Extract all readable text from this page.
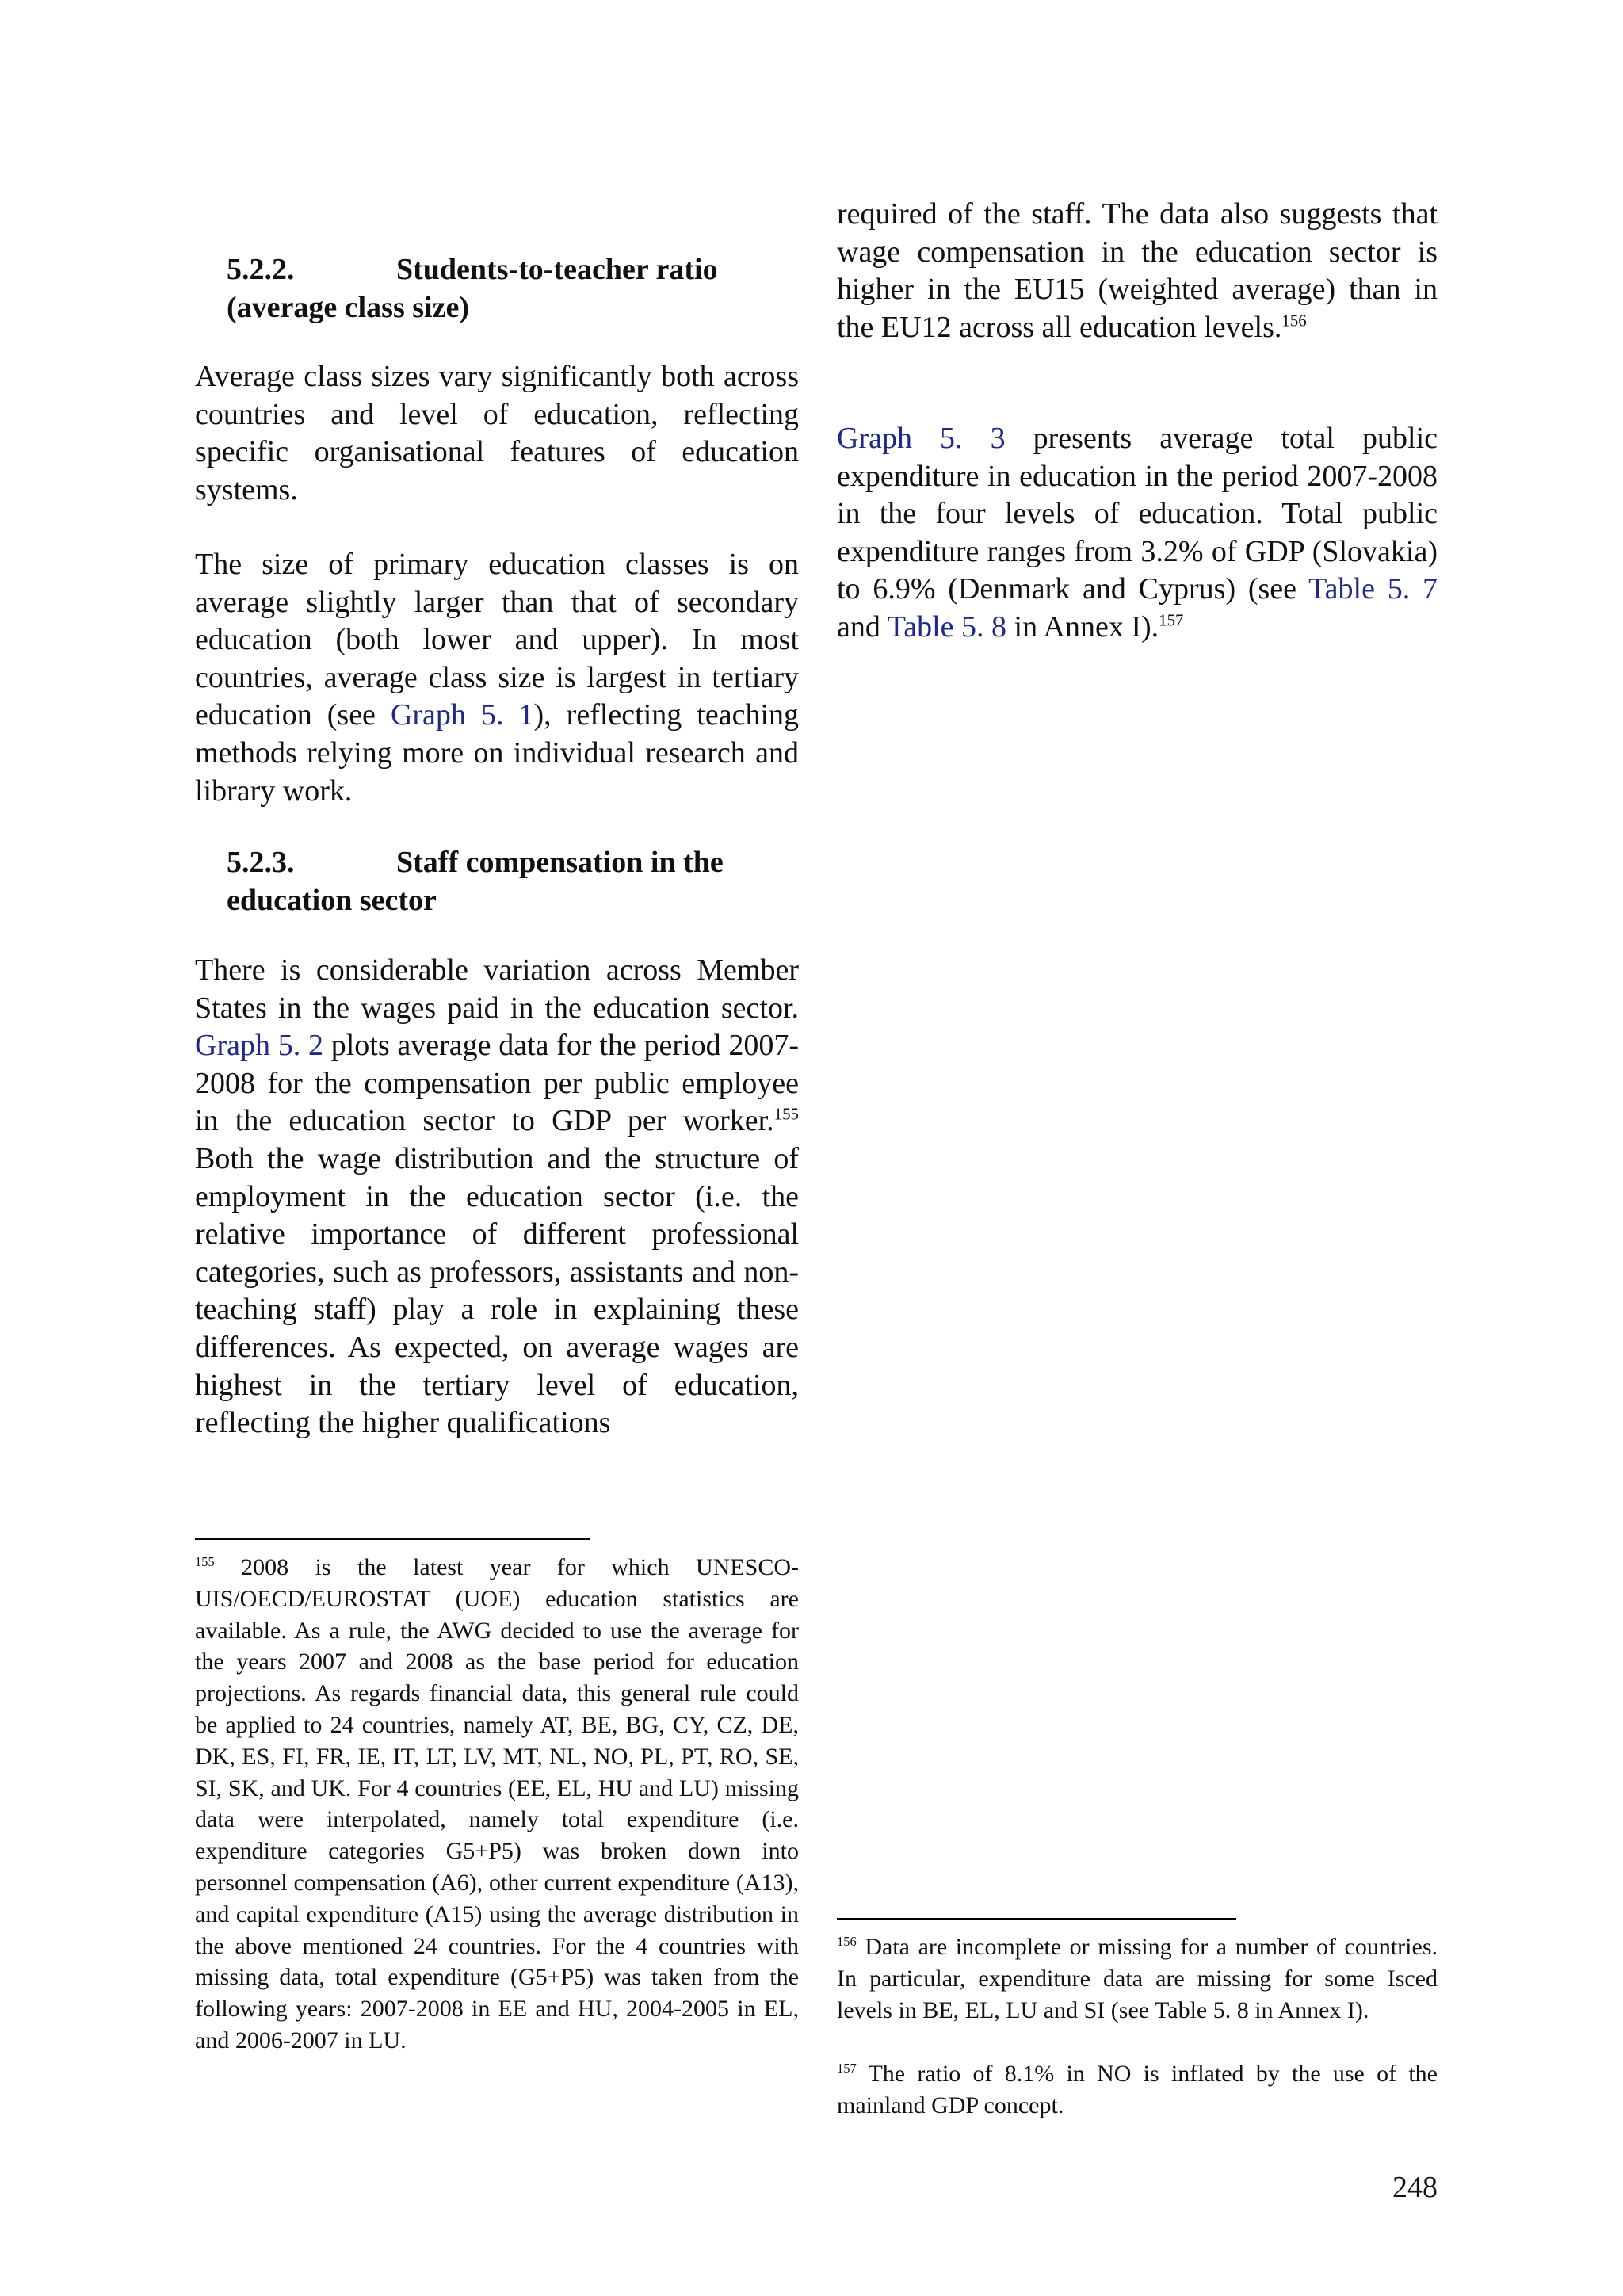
5.2.2.	Students-to-teacher ratio
(average class size)

Average class sizes vary significantly both across countries and level of education, reflecting specific organisational features of education systems.

The size of primary education classes is on average slightly larger than that of secondary education (both lower and upper). In most countries, average class size is largest in tertiary education (see Graph 5. 1), reflecting teaching methods relying more on individual research and library work.

5.2.3.	Staff compensation in the
education sector

There is considerable variation across Member States in the wages paid in the education sector. Graph 5. 2 plots average data for the period 2007-2008 for the compensation per public employee in the education sector to GDP per worker.$^{155}$ Both the wage distribution and the structure of employment in the education sector (i.e. the relative importance of different professional categories, such as professors, assistants and non-teaching staff) play a role in explaining these differences. As expected, on average wages are highest in the tertiary level of education, reflecting the higher qualifications

$^{155}$ 2008 is the latest year for which UNESCO-UIS/OECD/EUROSTAT (UOE) education statistics are available. As a rule, the AWG decided to use the average for the years 2007 and 2008 as the base period for education projections. As regards financial data, this general rule could be applied to 24 countries, namely AT, BE, BG, CY, CZ, DE, DK, ES, FI, FR, IE, IT, LT, LV, MT, NL, NO, PL, PT, RO, SE, SI, SK, and UK. For 4 countries (EE, EL, HU and LU) missing data were interpolated, namely total expenditure (i.e. expenditure categories G5+P5) was broken down into personnel compensation (A6), other current expenditure (A13), and capital expenditure (A15) using the average distribution in the above mentioned 24 countries. For the 4 countries with missing data, total expenditure (G5+P5) was taken from the following years: 2007-2008 in EE and HU, 2004-2005 in EL, and 2006-2007 in LU.

required of the staff. The data also suggests that wage compensation in the education sector is higher in the EU15 (weighted average) than in the EU12 across all education levels.$^{156}$

Graph 5. 3 presents average total public expenditure in education in the period 2007-2008 in the four levels of education. Total public expenditure ranges from 3.2% of GDP (Slovakia) to 6.9% (Denmark and Cyprus) (see Table 5. 7 and Table 5. 8 in Annex I).$^{157}$

$^{156}$ Data are incomplete or missing for a number of countries. In particular, expenditure data are missing for some Isced levels in BE, EL, LU and SI (see Table 5. 8 in Annex I).

$^{157}$ The ratio of 8.1% in NO is inflated by the use of the mainland GDP concept.

248
